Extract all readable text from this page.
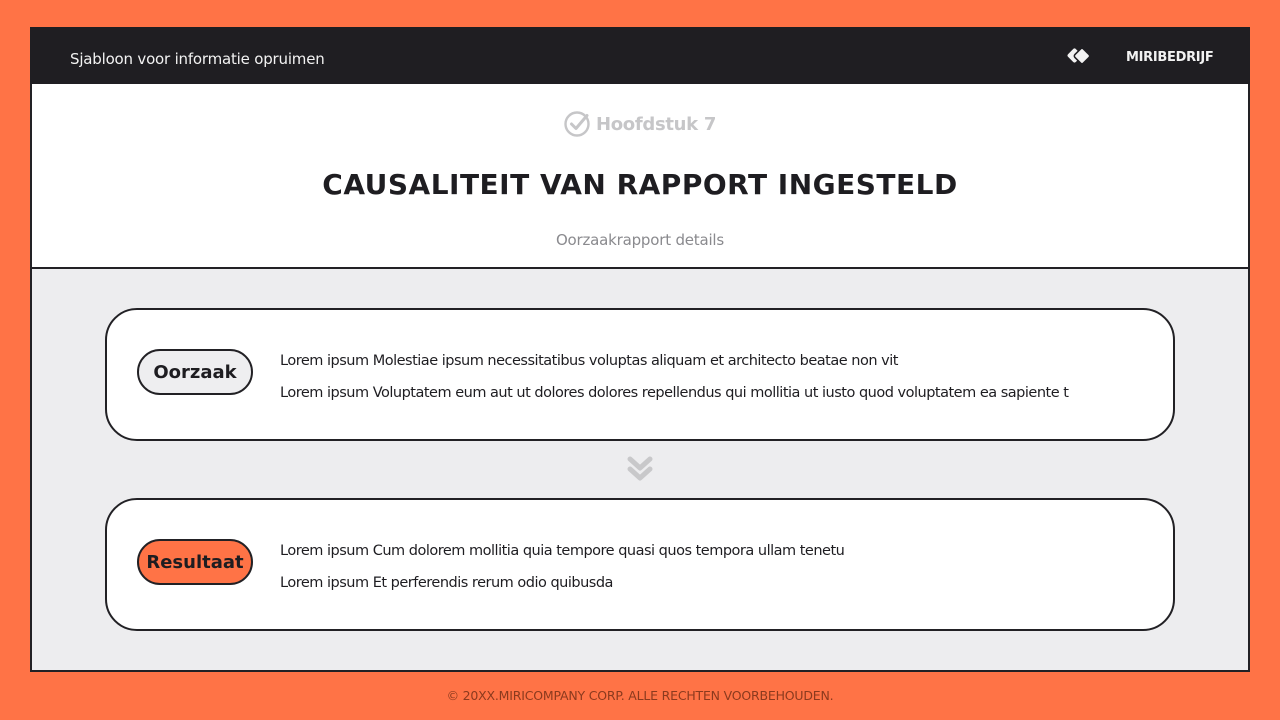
Sjabloon voor informatie opruimen	MIRIBEDRIJF
Hoofdstuk 7
CAUSALITEIT VAN RAPPORT INGESTELD
Oorzaakrapport details
Oorzaak
Lorem ipsum Molestiae ipsum necessitatibus voluptas aliquam et architecto beatae non vit
Lorem ipsum Voluptatem eum aut ut dolores dolores repellendus qui mollitia ut iusto quod voluptatem ea sapiente t
Resultaat
Lorem ipsum Cum dolorem mollitia quia tempore quasi quos tempora ullam tenetu
Lorem ipsum Et perferendis rerum odio quibusda
© 20XX.MIRICOMPANY CORP. ALLE RECHTEN VOORBEHOUDEN.
